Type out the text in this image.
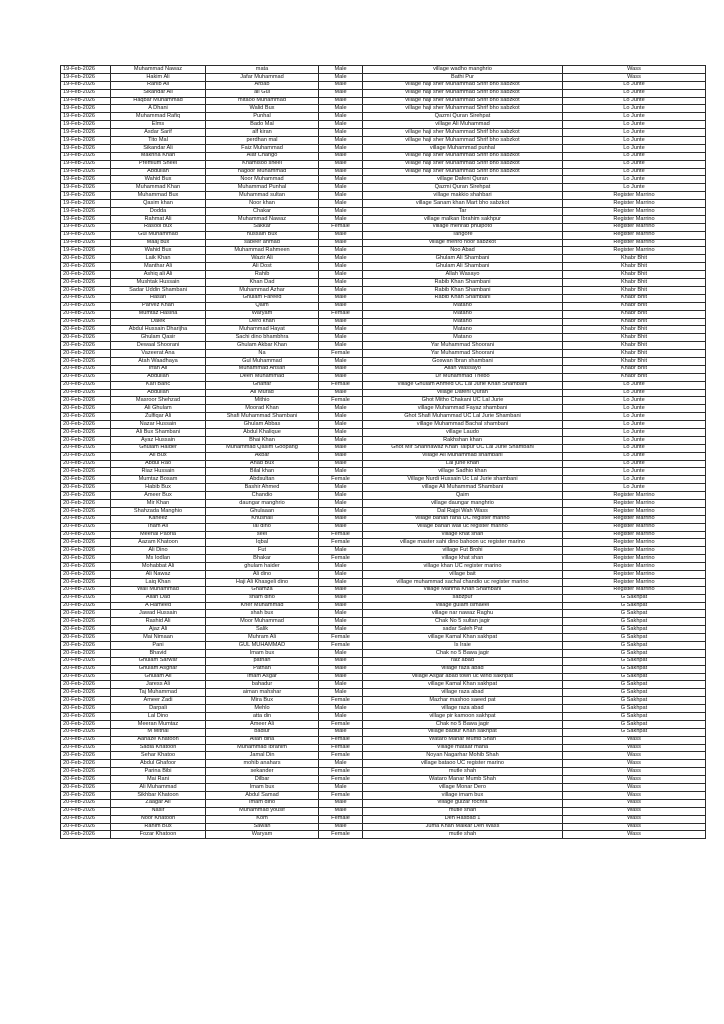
19-Feb-2026	Muhammad Nawaz	mata	Male	village wadho manghrio	Wass
19-Feb-2026	Hakim Ali	Jafar Muhammad	Male	Bathi Pur	Wass
19-Feb-2026	Rahib Ali	Arbab	Male	village haji sher Muhammad Shrif bho sabzkot	Lo Junte
19-Feb-2026	Sikandar Ali	ali Gul	Male	village haji sher Muhammad Shrif bho sabzkot	Lo Junte
19-Feb-2026	Haqbar Muhammad	mitaoo Muhammad	Male	village haji sher Muhammad Shrif bho sabzkot	Lo Junte
19-Feb-2026	A Dhani	Walid Bux	Male	village haji sher Muhammad Shrif bho sabzkot	Lo Junte
19-Feb-2026	Muhammad Rafiq	Punhal	Male	Qazmi Quran Sirehpat	Lo Junte
19-Feb-2026	Elms	Bado Mal	Male	village Ali Muhammad	Lo Junte
19-Feb-2026	Asdar Sarif	alf kiran	Male	village haji sher Muhammad Shrif bho sabzkot	Lo Junte
19-Feb-2026	Tito Mal	perdhan mal	Male	village haji sher Muhammad Shrif bho sabzkot	Lo Junte
19-Feb-2026	Sikandar Ali	Faiz Muhammad	Male	village Muhammad punhal	Lo Junte
19-Feb-2026	Makhna Khan	Alaf Chango	Male	village haji sher Muhammad Shrif bho sabzkot	Lo Junte
19-Feb-2026	Premium Sheel	Khamisoo sheel	Male	village haji sher Muhammad Shrif bho sabzkot	Lo Junte
19-Feb-2026	Abdullah	hagoor Muhammad	Male	village haji sher Muhammad Shrif bho sabzkot	Lo Junte
19-Feb-2026	Wahid Bux	Noor Muhammad	Male	village Dafeni Quran	Lo Junte
19-Feb-2026	Muhammad Khan	Muhammad Punhal	Male	Qazmi Quran Sirehpat	Lo Junte
19-Feb-2026	Muhammad Bux	Muhammad sultan	Male	village makkio shahbari	Register Marrino
19-Feb-2026	Qasim khan	Noor khan	Male	village Sanam khan Mart bho sabzkot	Register Marrino
19-Feb-2026	Dodda	Chakar	Male	Tar	Register Marrino
19-Feb-2026	Rahmat Ali	Muhammad Nawaz	Male	village malkan Ibrahim sakhpur	Register Marrino
19-Feb-2026	Rasool bux	Sakkar	Female	village mehrab phulpoto	Register Marrino
19-Feb-2026	Gul Muhammad	hussain Bux	Male	Tangore	Register Marrino
19-Feb-2026	Maaj bux	sabeer ahmad	Male	village mehro noor sabzkot	Register Marrino
19-Feb-2026	Wahid Bux	Muhammad Rahmeen	Male	Noo Abad	Register Marrino
20-Feb-2026	Laik Khan	Wazir Ali	Male	Ghulam Ali Shambani	Khabr Bhit
20-Feb-2026	Manthar Ali	Ali Dost	Male	Ghulam Ali Shambani	Khabr Bhit
20-Feb-2026	Ashiq ali Ali	Rahib	Male	Allah Wasayo	Khabr Bhit
20-Feb-2026	Mushtak Hussain	Khan Dad	Male	Rabib Khan Shambani	Khabr Bhit
20-Feb-2026	Sadar Uddin Shambani	Muhammad Azhar	Male	Rabib Khan Shambani	Khabr Bhit
20-Feb-2026	Hasan	Ghulam Fareed	Male	Rabib Khan Shambani	Khabr Bhit
20-Feb-2026	Parvez Khan	Qaim	Male	Matano	Khabr Bhit
20-Feb-2026	Mumtaz Hasina	Waryam	Female	Matano	Khabr Bhit
20-Feb-2026	Dalek	Dero khan	Male	Matano	Khabr Bhit
20-Feb-2026	Abdul Hussain Dharijha	Muhammad Hayat	Male	Matano	Khabr Bhit
20-Feb-2026	Ghulam Qasir	Sachi dino bhambhra	Male	Matano	Khabr Bhit
20-Feb-2026	Dewaal Shoorani	Ghulam Akbar Khan	Male	Yar Muhammad Shoorani	Khabr Bhit
20-Feb-2026	Vazeerat Ana	Na	Female	Yar Muhammad Shoorani	Khabr Bhit
20-Feb-2026	Atah Waadhaya	Gul Muhammad	Male	Goswan Ibran shambani	Khabr Bhit
20-Feb-2026	Irfan Ali	Muhammad Ahsan	Male	Allah Wassayo	Khabr Bhit
20-Feb-2026	Abdullah	Deen Muhammad	Male	Dr Muhammad Thebo	Khabr Bhit
20-Feb-2026	Kari Banc	Ghaffar	Female	village Ghulam Ahmed UC Lal Jurie Khan Shambani	Lo Junte
20-Feb-2026	Abdullah	Ali Murad	Male	village Dafeni Quran	Lo Junte
20-Feb-2026	Masroor Shehzad	Mithio	Female	Ghot Mitho Chakani UC Lal Jurie	Lo Junte
20-Feb-2026	Ali Ghulam	Moorad Khan	Male	village Muhammad Fayaz shambani	Lo Junte
20-Feb-2026	Zulfiqar Ali	Shafi Muhammad Shambani	Male	Ghot Shafi Muhammad UC Lal Jurie Shambani	Lo Junte
20-Feb-2026	Nazar Hussain	Ghulam Abbas	Male	village Muhammad Bachal shambani	Lo Junte
20-Feb-2026	Ali Bux Shambani	Abdul Khalique	Male	village Laudo	Lo Junte
20-Feb-2026	Ayaz Hussain	Bhai Khan	Male	Rakhshan khan	Lo Junte
20-Feb-2026	Ghulam Haider	Muhammad Qasim Goopang	Male	Ghot Mir Shahnawaz Khan Talpur UC Lal Jurie Shambani	Lo Junte
20-Feb-2026	Ali Bux	Akbar	Male	village Ali Muhammad shambani	Lo Junte
20-Feb-2026	Abdul Rao	Ahad Bux	Male	Lal jurie khan	Lo Junte
20-Feb-2026	Riaz Hussain	Bilal khan	Male	village Sadhio khan	Lo Junte
20-Feb-2026	Mumtaz Bosam	Abdsultan	Female	Village Nurdi Hussain Uc Lal Jurie shambani	Lo Junte
20-Feb-2026	Habib Bux	Bashir Ahmed	Male	village Ali Muhammad Shambani	Lo Junte
20-Feb-2026	Ameer Bux	Chandio	Male	Qaim	Register Marrino
20-Feb-2026	Mir Khan	daungar manghrio	Male	village daungar manghrio	Register Marrino
20-Feb-2026	Shahzada Manghio	Ghulaaan	Male	Dal Rajpi Wah Wass	Register Marrino
20-Feb-2026	Kaneez	Khushali	Male	village bahan rana UC register marino	Register Marrino
20-Feb-2026	Inam Ali	lal dino	Male	village bahan wali uc register marino	Register Marrino
20-Feb-2026	Meenal Paoria	seel	Female	village khat shan	Register Marrino
20-Feb-2026	Aazam Khatoon	Iqbal	Female	village master sahi dino bahoon uc register marino	Register Marrino
20-Feb-2026	Ali Dino	Fut	Male	village Fut Brohi	Register Marrino
20-Feb-2026	Ms Iodlan	Bhakar	Female	village khat shan	Register Marrino
20-Feb-2026	Mohabbat Ali	ghulam haider	Male	village khan UC register marino	Register Marrino
20-Feb-2026	Ali Nawaz	Ali dino	Male	village bait	Register Marrino
20-Feb-2026	Laiq Khan	Haji Ali Khasgeli dino	Male	village muhammad sachal chandio uc register marino	Register Marrino
20-Feb-2026	Wali Muhammad	Ghamza	Male	village Mahma Khan Shambani	Register Marrino
20-Feb-2026	Allah Dad	sham dino	Male	sabzpur	G Sakhpat
20-Feb-2026	A Hameed	Kher Muhammad	Male	village gulam ismaeel	G Sakhpat
20-Feb-2026	Jawad Hussain	shah bux	Male	village nar nawaz Raghu	G Sakhpat
20-Feb-2026	Rashid Ali	Moor Muhammad	Male	Chak No 5 sultan jagir	G Sakhpat
20-Feb-2026	Ajaz Ali	Salik	Male	sadar Saleh Pat	G Sakhpat
20-Feb-2026	Mai Nimaan	Muhram Ali	Female	village Kamal Khan sakhpat	G Sakhpat
20-Feb-2026	Pani	GUL MUHAMMAD	Female	Is Iraie	G Sakhpat
20-Feb-2026	Bhavid	Imam bux	Male	Chak no 5 Bawa jagir	G Sakhpat
20-Feb-2026	Ghulam Sarwar	pathan	Male	raiz abad	G Sakhpat
20-Feb-2026	Ghulam Asghar	Pathan	Male	village raza abad	G Sakhpat
20-Feb-2026	Ghulam Ali	Imam Asgar	Male	village Asgar abad town uc wind sakhpat	G Sakhpat
20-Feb-2026	Jaress Ali	bahadur	Male	village Kamal Khan sakhpat	G Sakhpat
20-Feb-2026	Taj Muhammad	aiman mahshar	Male	village raza abad	G Sakhpat
20-Feb-2026	Ameer Zadi	Mira Bux	Female	Mazhar mashoo saeed pat	G Sakhpat
20-Feb-2026	Darpali	Mehlo	Male	village raza abad	G Sakhpat
20-Feb-2026	Lal Dino	atta din	Male	village pir kamoon sakhpat	G Sakhpat
20-Feb-2026	Meeran Mumtaz	Ameer Ali	Female	Chak no 5 Bawa jagir	G Sakhpat
20-Feb-2026	M Mithal	badlur	Male	village badlur Khan sakhpat	G Sakhpat
20-Feb-2026	Aanaze Khatoon	Allah dina	Female	Wataro Manar Mumb Shah	Wass
20-Feb-2026	Sadia Khatoon	Muhammad Ibrahim	Female	Village mataar mana	Wass
20-Feb-2026	Sehar Khatoo	Jamal Din	Female	Noyan Nagarhar Mohib Shah	Wass
20-Feb-2026	Abdul Ghafoor	mohib anahars	Male	village bataoo UC register marino	Wass
20-Feb-2026	Parina Bibi	sekander	Female	mutle shah	Wass
20-Feb-2026	Mai Rani	Dilbar	Female	Wataro Manar Mumb Shah	Wass
20-Feb-2026	Ali Muhammad	Imam bux	Male	village Monar Dero	Wass
20-Feb-2026	Sikhbar Khatoon	Abdul Samad	Female	village imam bux	Wass
20-Feb-2026	Zaagar Ali	Imam dino	Male	village gulzar rochra	Wass
20-Feb-2026	Nasir	Muhammad yousif	Male	mutle shah	Wass
20-Feb-2026	Noor Khatoon	Kom	Female	Deh Hasbad 1	Wass
20-Feb-2026	Rahim Bux	Sawan	Male	Juma Khan Malkar Deh Wass	Wass
20-Feb-2026	Fozar Khatoon	Waryam	Female	mutle shah	Wass
